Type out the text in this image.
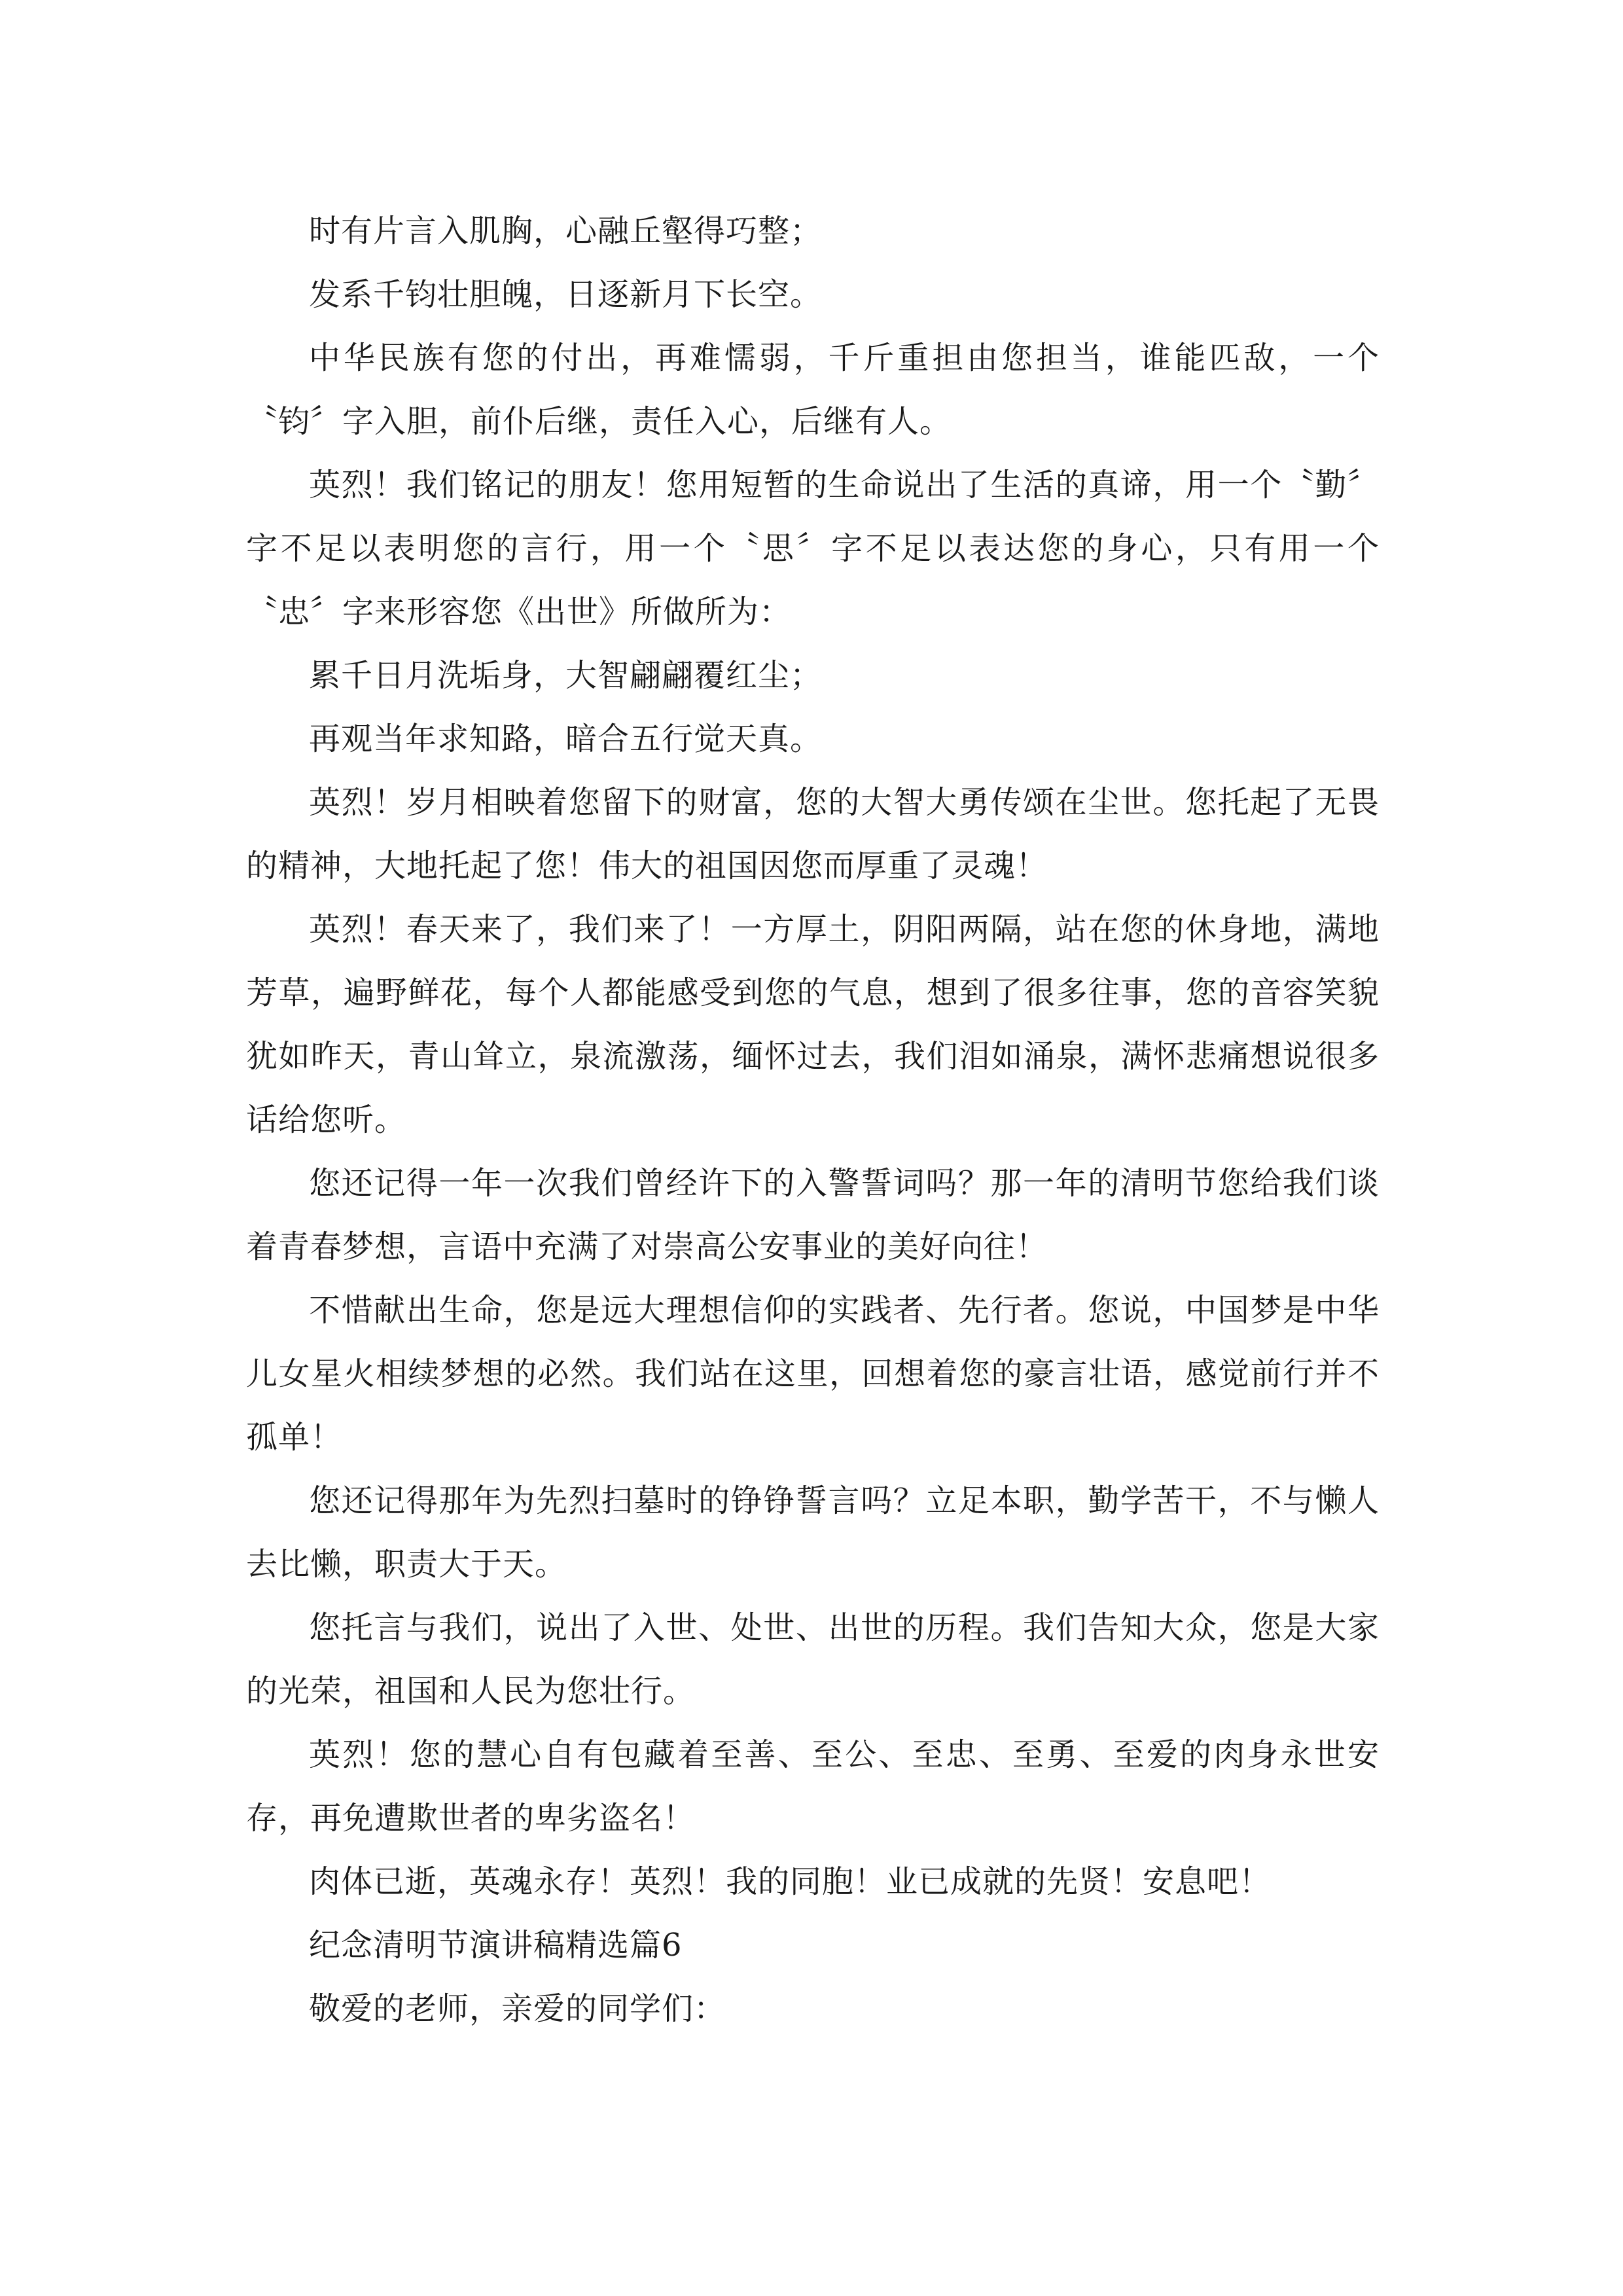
时有片言入肌胸，心融丘壑得巧整；

发系千钧壮胆魄，日逐新月下长空。

中华民族有您的付出，再难懦弱，千斤重担由您担当，谁能匹敌，一个〝钧〞字入胆，前仆后继，责任入心，后继有人。

英烈！我们铭记的朋友！您用短暂的生命说出了生活的真谛，用一个〝勤〞字不足以表明您的言行，用一个〝思〞字不足以表达您的身心，只有用一个〝忠〞字来形容您《出世》所做所为：

累千日月洗垢身，大智翩翩覆红尘；

再观当年求知路，暗合五行觉天真。

英烈！岁月相映着您留下的财富，您的大智大勇传颂在尘世。您托起了无畏的精神，大地托起了您！伟大的祖国因您而厚重了灵魂！

英烈！春天来了，我们来了！一方厚土，阴阳两隔，站在您的休身地，满地芳草，遍野鲜花，每个人都能感受到您的气息，想到了很多往事，您的音容笑貌犹如昨天，青山耸立，泉流激荡，缅怀过去，我们泪如涌泉，满怀悲痛想说很多话给您听。

您还记得一年一次我们曾经许下的入警誓词吗？那一年的清明节您给我们谈着青春梦想，言语中充满了对崇高公安事业的美好向往！

不惜献出生命，您是远大理想信仰的实践者、先行者。您说，中国梦是中华儿女星火相续梦想的必然。我们站在这里，回想着您的豪言壮语，感觉前行并不孤单！

您还记得那年为先烈扫墓时的铮铮誓言吗？立足本职，勤学苦干，不与懒人去比懒，职责大于天。

您托言与我们，说出了入世、处世、出世的历程。我们告知大众，您是大家的光荣，祖国和人民为您壮行。

英烈！您的慧心自有包藏着至善、至公、至忠、至勇、至爱的肉身永世安存，再免遭欺世者的卑劣盗名！

肉体已逝，英魂永存！英烈！我的同胞！业已成就的先贤！安息吧！

纪念清明节演讲稿精选篇6

敬爱的老师，亲爱的同学们：
